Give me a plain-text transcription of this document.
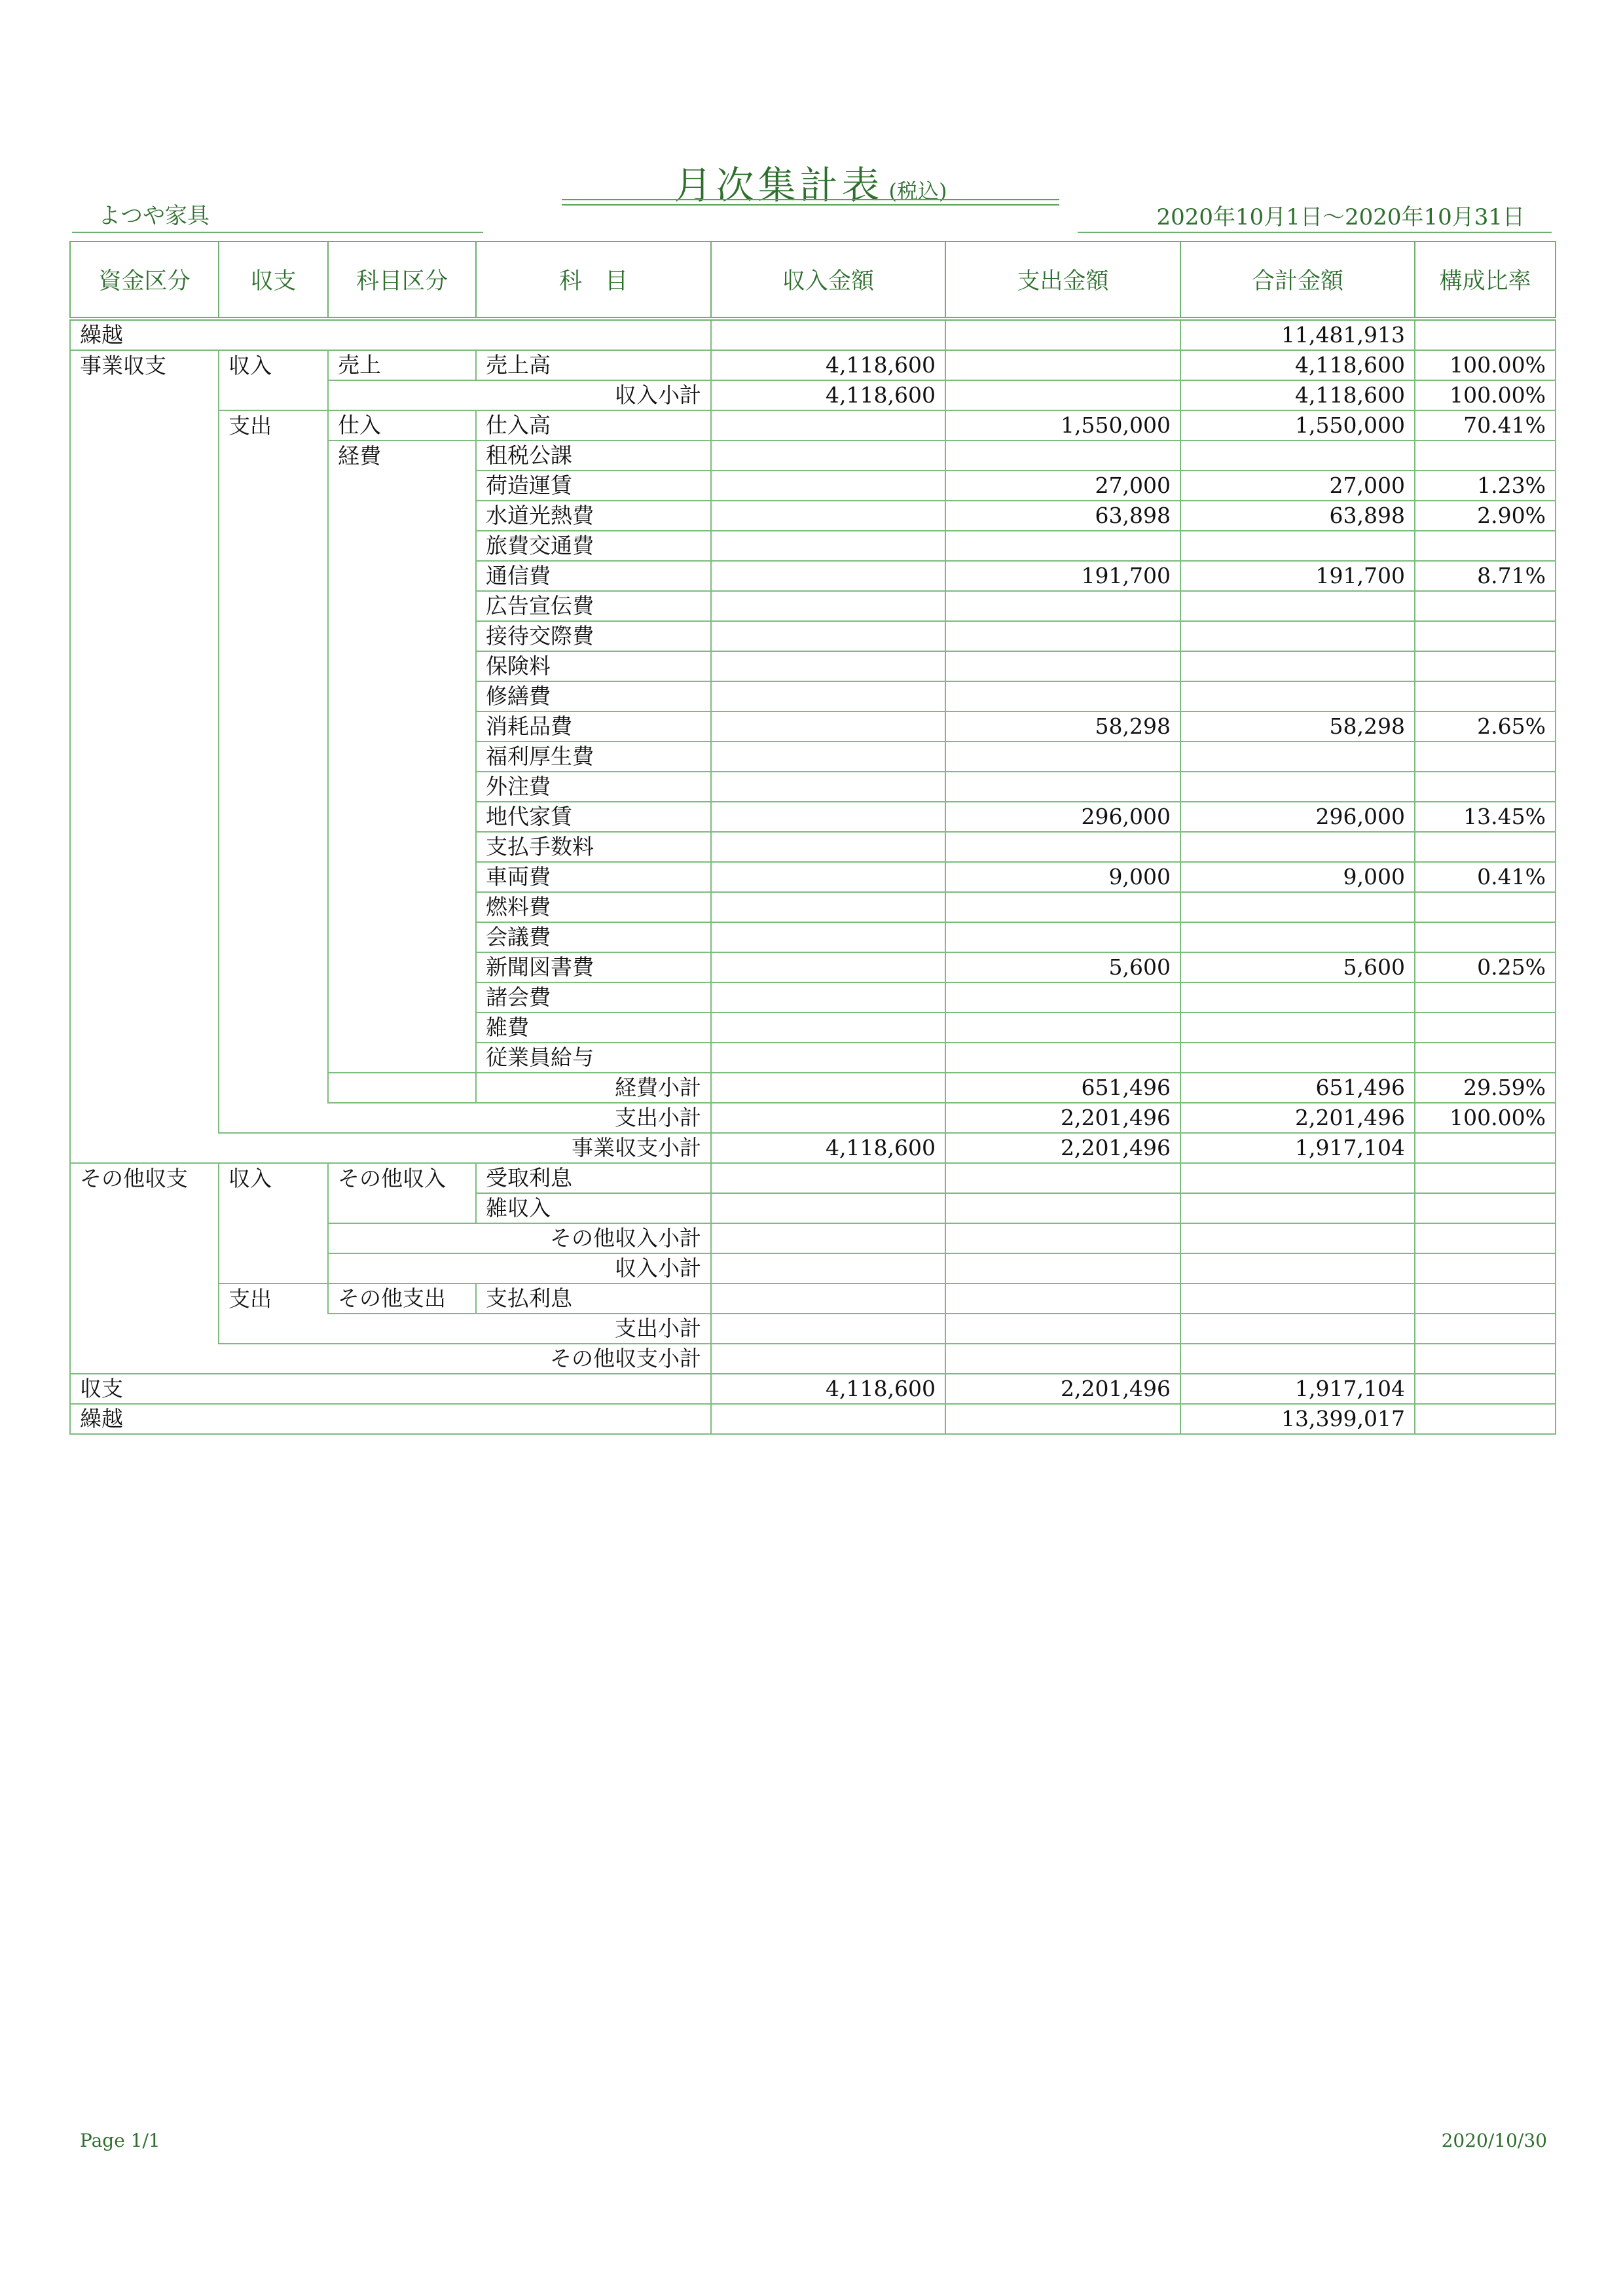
月次集計表 (税込)
よつや家具	2020年10月1日～2020年10月31日
資金区分	収支	科目区分	科　目	収入金額	支出金額	合計金額	構成比率
繰越						11,481,913	
事業収支	収入	売上	売上高	4,118,600		4,118,600	100.00%
		収入小計		4,118,600		4,118,600	100.00%
	支出	仕入	仕入高		1,550,000	1,550,000	70.41%
		経費	租税公課				
			荷造運賃		27,000	27,000	1.23%
			水道光熱費		63,898	63,898	2.90%
			旅費交通費				
			通信費		191,700	191,700	8.71%
			広告宣伝費				
			接待交際費				
			保険料				
			修繕費				
			消耗品費		58,298	58,298	2.65%
			福利厚生費				
			外注費				
			地代家賃		296,000	296,000	13.45%
			支払手数料				
			車両費		9,000	9,000	0.41%
			燃料費				
			会議費				
			新聞図書費		5,600	5,600	0.25%
			諸会費				
			雑費				
			従業員給与				
			経費小計		651,496	651,496	29.59%
	支出小計				2,201,496	2,201,496	100.00%
事業収支小計				4,118,600	2,201,496	1,917,104	
その他収支	収入	その他収入	受取利息				
			雑収入				
		その他収入小計					
		収入小計					
	支出	その他支出	支払利息				
	支出小計						
その他収支小計							
収支				4,118,600	2,201,496	1,917,104	
繰越						13,399,017	
Page 1/1	2020/10/30
